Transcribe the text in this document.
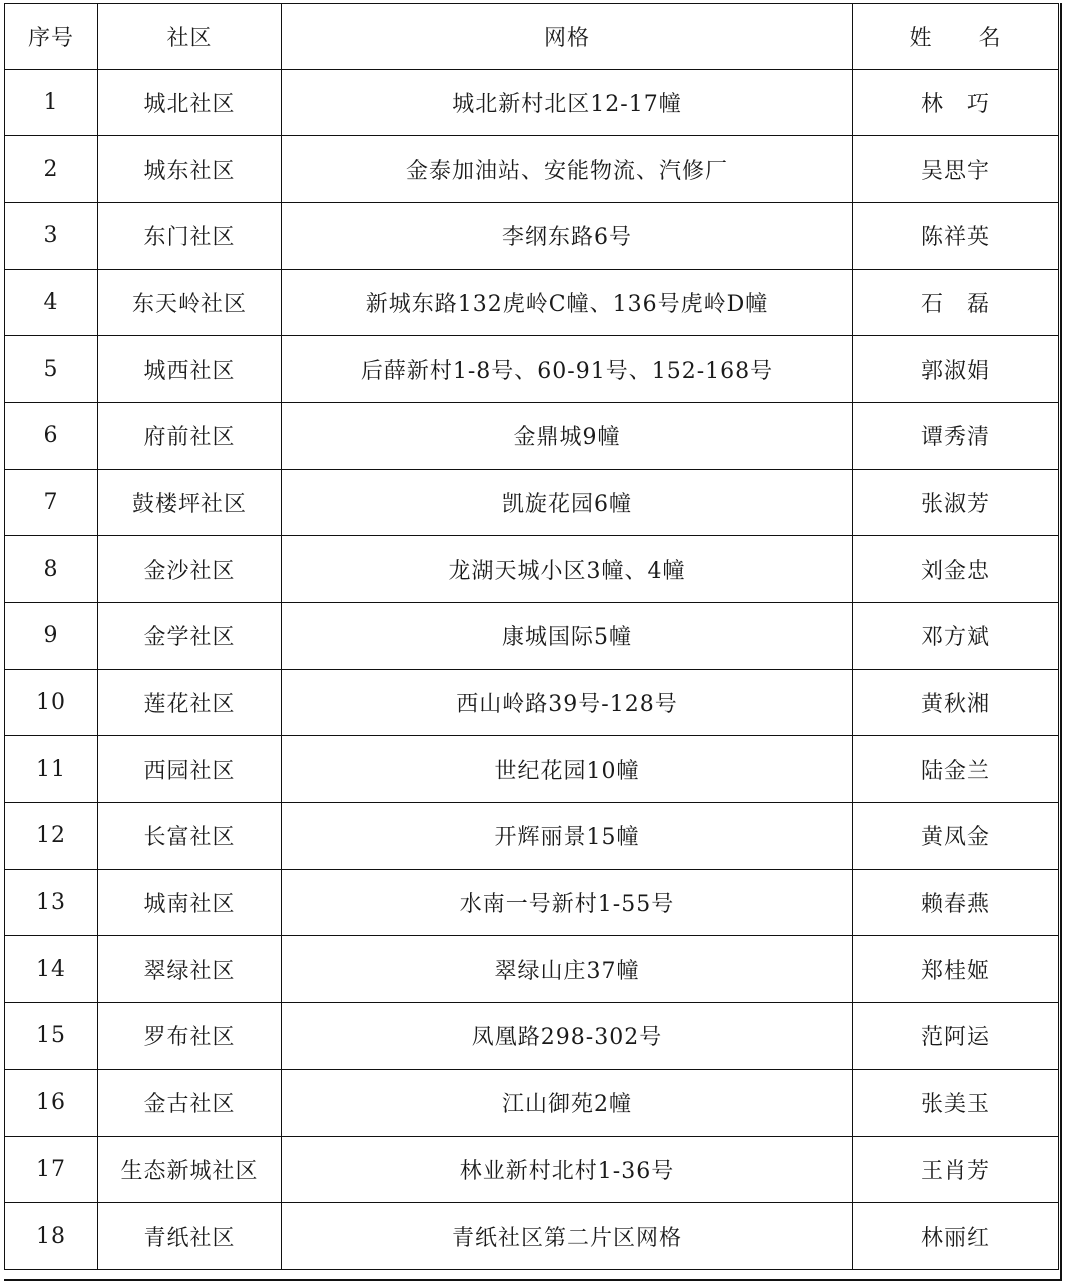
序号	社区	网格	姓　　名
1	城北社区	城北新村北区12-17幢	林　巧
2	城东社区	金泰加油站、安能物流、汽修厂	吴思宇
3	东门社区	李纲东路6号	陈祥英
4	东天岭社区	新城东路132虎岭C幢、136号虎岭D幢	石　磊
5	城西社区	后薛新村1-8号、60-91号、152-168号	郭淑娟
6	府前社区	金鼎城9幢	谭秀清
7	鼓楼坪社区	凯旋花园6幢	张淑芳
8	金沙社区	龙湖天城小区3幢、4幢	刘金忠
9	金学社区	康城国际5幢	邓方斌
10	莲花社区	西山岭路39号-128号	黄秋湘
11	西园社区	世纪花园10幢	陆金兰
12	长富社区	开辉丽景15幢	黄凤金
13	城南社区	水南一号新村1-55号	赖春燕
14	翠绿社区	翠绿山庄37幢	郑桂姬
15	罗布社区	凤凰路298-302号	范阿运
16	金古社区	江山御苑2幢	张美玉
17	生态新城社区	林业新村北村1-36号	王肖芳
18	青纸社区	青纸社区第二片区网格	林丽红
